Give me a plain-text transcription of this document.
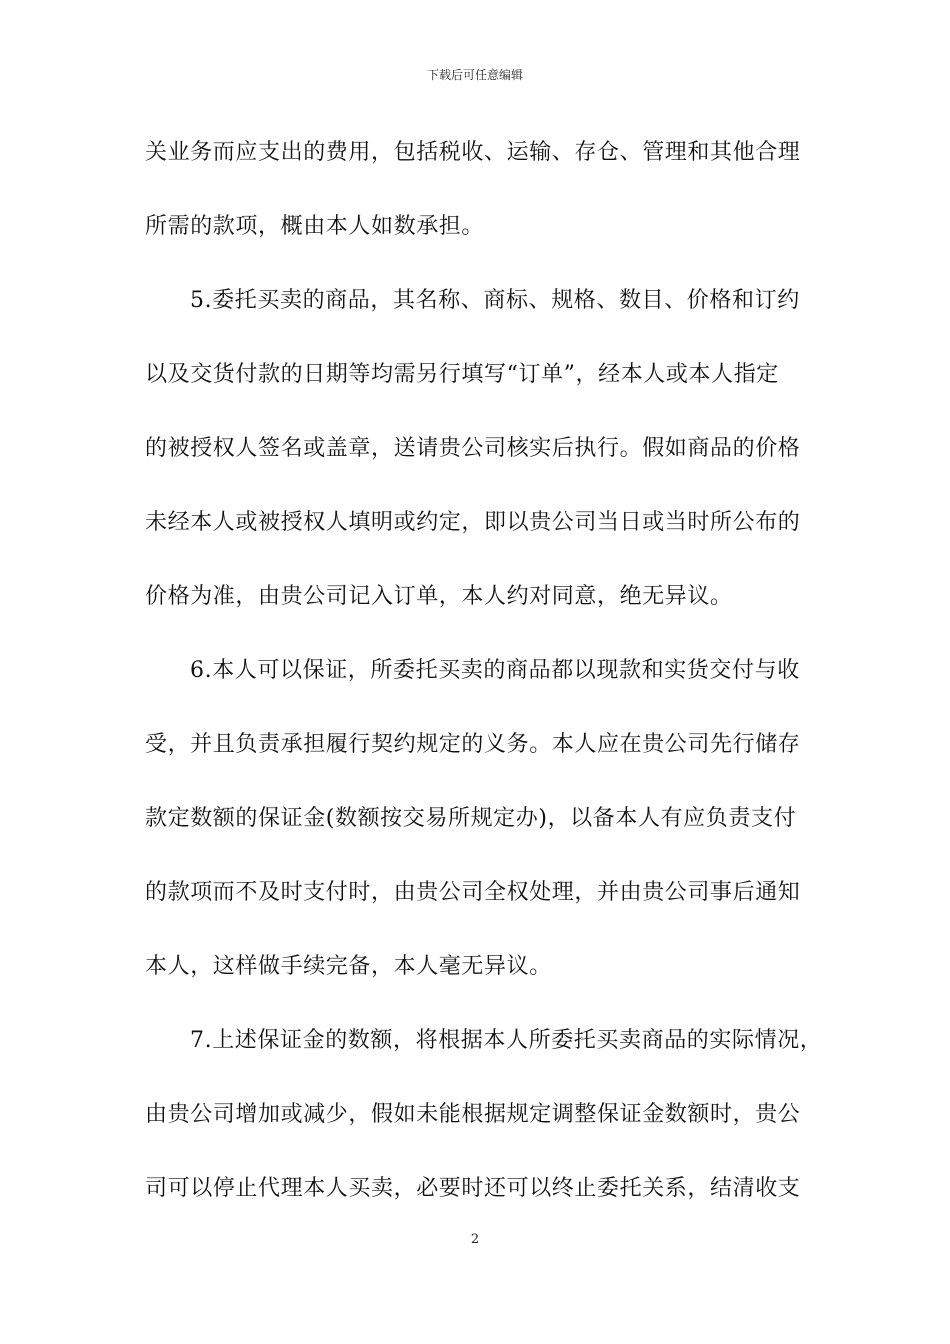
下载后可任意编辑
关业务而应支出的费用，包括税收、运输、存仓、管理和其他合理
所需的款项，概由本人如数承担。
5.委托买卖的商品，其名称、商标、规格、数目、价格和订约
以及交货付款的日期等均需另行填写“订单”，经本人或本人指定
的被授权人签名或盖章，送请贵公司核实后执行。假如商品的价格
未经本人或被授权人填明或约定，即以贵公司当日或当时所公布的
价格为准，由贵公司记入订单，本人约对同意，绝无异议。
6.本人可以保证，所委托买卖的商品都以现款和实货交付与收
受，并且负责承担履行契约规定的义务。本人应在贵公司先行储存
款定数额的保证金(数额按交易所规定办)，以备本人有应负责支付
的款项而不及时支付时，由贵公司全权处理，并由贵公司事后通知
本人，这样做手续完备，本人毫无异议。
7.上述保证金的数额，将根据本人所委托买卖商品的实际情况，
由贵公司增加或减少，假如未能根据规定调整保证金数额时，贵公
司可以停止代理本人买卖，必要时还可以终止委托关系，结清收支
2
